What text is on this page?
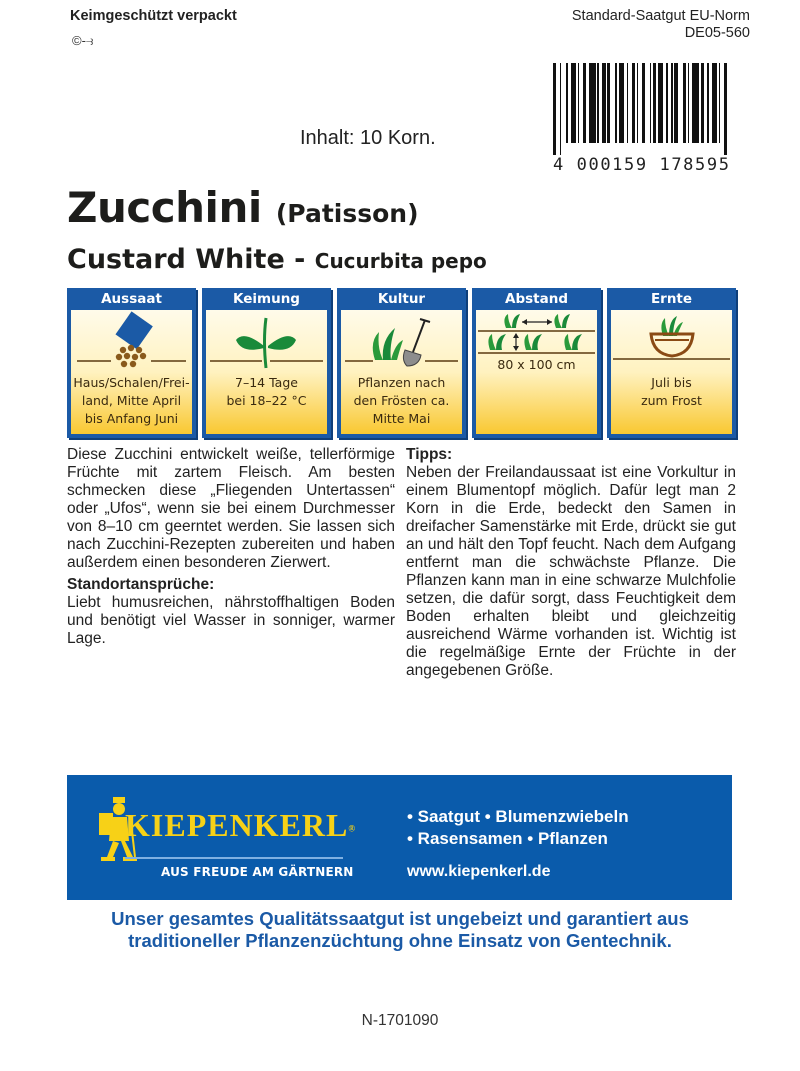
Keimgeschützt verpackt
©-⥽
Standard-Saatgut EU-Norm
DE05-560
4 000159 178595
Inhalt: 10 Korn.
Zucchini (Patisson)
Custard White - Cucurbita pepo
Aussaat
Haus/Schalen/Frei-
land, Mitte April
bis Anfang Juni
Keimung
7–14 Tage
bei 18–22 °C
Kultur
Pflanzen nach
den Frösten ca.
Mitte Mai
Abstand
80 x 100 cm
Ernte
Juli bis
zum Frost

Diese Zucchini entwickelt weiße, tellerförmige Früchte mit zartem Fleisch. Am besten schmecken diese „Fliegenden Untertassen“ oder „Ufos“, wenn sie bei einem Durchmesser von 8–10 cm geerntet werden. Sie lassen sich nach Zucchini-Rezepten zubereiten und haben außerdem einen besonderen Zierwert.

Standortansprüche:

Liebt humusreichen, nährstoffhaltigen Boden und benötigt viel Wasser in sonniger, warmer Lage.

Tipps:

Neben der Freilandaussaat ist eine Vorkultur in einem Blumentopf möglich. Dafür legt man 2 Korn in die Erde, bedeckt den Samen in dreifacher Samenstärke mit Erde, drückt sie gut an und hält den Topf feucht. Nach dem Aufgang entfernt man die schwächste Pflanze. Die Pflanzen kann man in eine schwarze Mulchfolie setzen, die dafür sorgt, dass Feuchtigkeit dem Boden erhalten bleibt und gleichzeitig ausreichend Wärme vorhanden ist. Wichtig ist die regelmäßige Ernte der Früchte in der angegebenen Größe.

KIEPENKERL®
AUS FREUDE AM GÄRTNERN
• Saatgut • Blumenzwiebeln
• Rasensamen • Pflanzen
www.kiepenkerl.de
Unser gesamtes Qualitätssaatgut ist ungebeizt und garantiert aus
traditioneller Pflanzenzüchtung ohne Einsatz von Gentechnik.
N-1701090
